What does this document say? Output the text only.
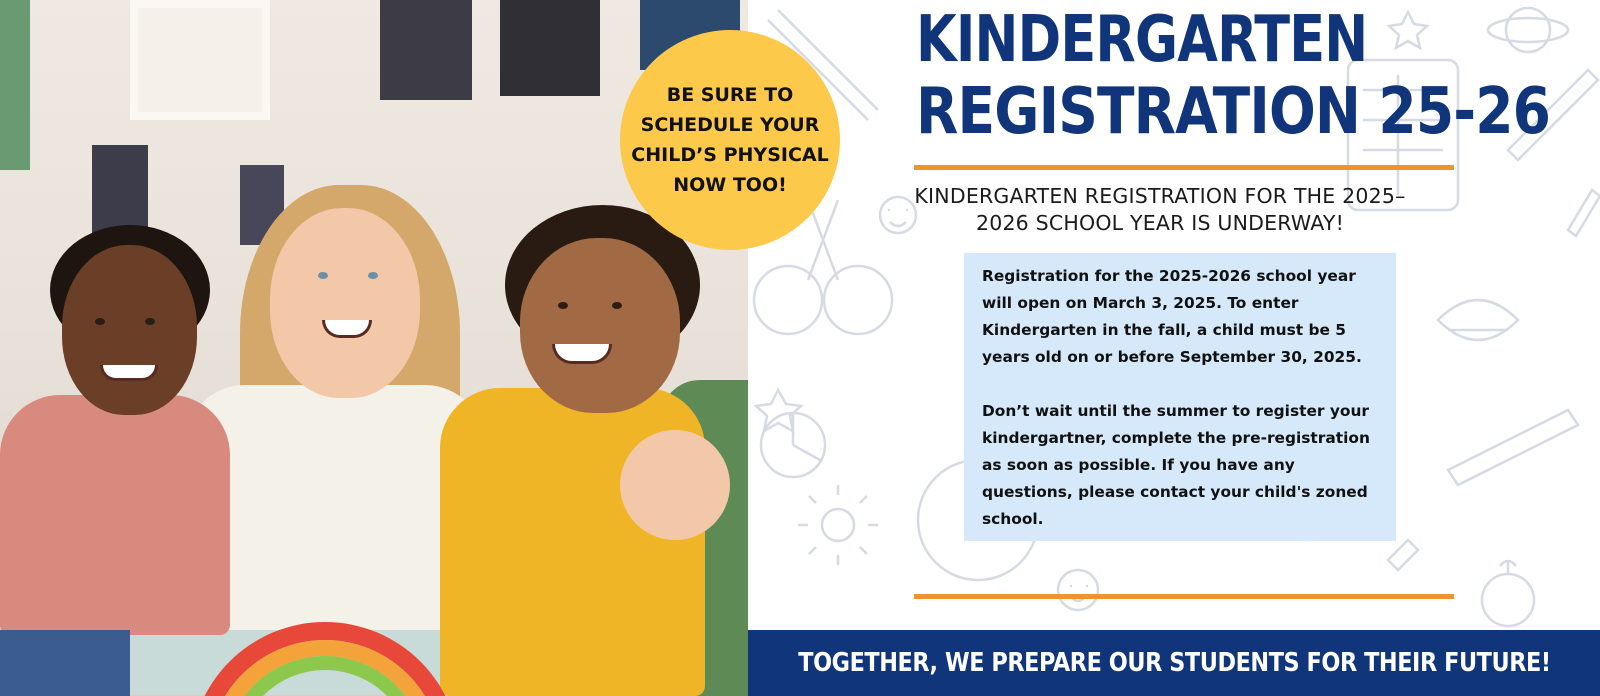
KINDERGARTEN
REGISTRATION 25-26
KINDERGARTEN REGISTRATION FOR THE 2025–2026 SCHOOL YEAR IS UNDERWAY!

Registration for the 2025-2026 school year will open on March 3, 2025. To enter Kindergarten in the fall, a child must be 5 years old on or before September 30, 2025.

Don’t wait until the summer to register your kindergartner, complete the pre-registration as soon as possible. If you have any questions, please contact your child's zoned school.

TOGETHER, WE PREPARE OUR STUDENTS FOR THEIR FUTURE!
BE SURE TO
SCHEDULE YOUR
CHILD’S PHYSICAL
NOW TOO!
